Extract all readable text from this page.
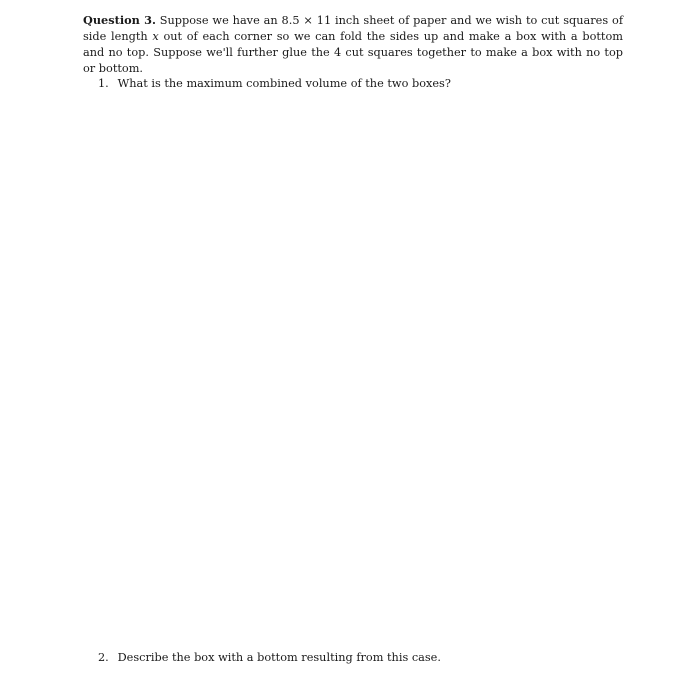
Question 3. Suppose we have an 8.5 × 11 inch sheet of paper and we wish to cut squares of side length x out of each corner so we can fold the sides up and make a box with a bottom and no top. Suppose we'll further glue the 4 cut squares together to make a box with no top or bottom.
1. What is the maximum combined volume of the two boxes?
2. Describe the box with a bottom resulting from this case.
